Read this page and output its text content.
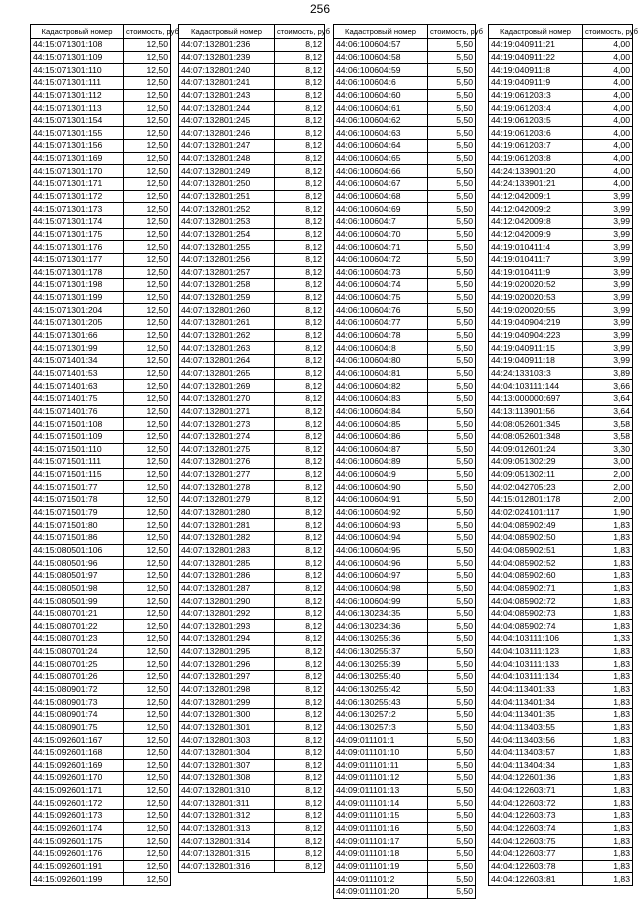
256
Кадастровый номер	стоимость, руб
44:15:071301:108	12,50
44:15:071301:109	12,50
44:15:071301:110	12,50
44:15:071301:111	12,50
44:15:071301:112	12,50
44:15:071301:113	12,50
44:15:071301:154	12,50
44:15:071301:155	12,50
44:15:071301:156	12,50
44:15:071301:169	12,50
44:15:071301:170	12,50
44:15:071301:171	12,50
44:15:071301:172	12,50
44:15:071301:173	12,50
44:15:071301:174	12,50
44:15:071301:175	12,50
44:15:071301:176	12,50
44:15:071301:177	12,50
44:15:071301:178	12,50
44:15:071301:198	12,50
44:15:071301:199	12,50
44:15:071301:204	12,50
44:15:071301:205	12,50
44:15:071301:66	12,50
44:15:071301:99	12,50
44:15:071401:34	12,50
44:15:071401:53	12,50
44:15:071401:63	12,50
44:15:071401:75	12,50
44:15:071401:76	12,50
44:15:071501:108	12,50
44:15:071501:109	12,50
44:15:071501:110	12,50
44:15:071501:111	12,50
44:15:071501:115	12,50
44:15:071501:77	12,50
44:15:071501:78	12,50
44:15:071501:79	12,50
44:15:071501:80	12,50
44:15:071501:86	12,50
44:15:080501:106	12,50
44:15:080501:96	12,50
44:15:080501:97	12,50
44:15:080501:98	12,50
44:15:080501:99	12,50
44:15:080701:21	12,50
44:15:080701:22	12,50
44:15:080701:23	12,50
44:15:080701:24	12,50
44:15:080701:25	12,50
44:15:080701:26	12,50
44:15:080901:72	12,50
44:15:080901:73	12,50
44:15:080901:74	12,50
44:15:080901:75	12,50
44:15:092601:167	12,50
44:15:092601:168	12,50
44:15:092601:169	12,50
44:15:092601:170	12,50
44:15:092601:171	12,50
44:15:092601:172	12,50
44:15:092601:173	12,50
44:15:092601:174	12,50
44:15:092601:175	12,50
44:15:092601:176	12,50
44:15:092601:191	12,50
44:15:092601:199	12,50
Кадастровый номер	стоимость, руб
44:07:132801:236	8,12
44:07:132801:239	8,12
44:07:132801:240	8,12
44:07:132801:241	8,12
44:07:132801:243	8,12
44:07:132801:244	8,12
44:07:132801:245	8,12
44:07:132801:246	8,12
44:07:132801:247	8,12
44:07:132801:248	8,12
44:07:132801:249	8,12
44:07:132801:250	8,12
44:07:132801:251	8,12
44:07:132801:252	8,12
44:07:132801:253	8,12
44:07:132801:254	8,12
44:07:132801:255	8,12
44:07:132801:256	8,12
44:07:132801:257	8,12
44:07:132801:258	8,12
44:07:132801:259	8,12
44:07:132801:260	8,12
44:07:132801:261	8,12
44:07:132801:262	8,12
44:07:132801:263	8,12
44:07:132801:264	8,12
44:07:132801:265	8,12
44:07:132801:269	8,12
44:07:132801:270	8,12
44:07:132801:271	8,12
44:07:132801:273	8,12
44:07:132801:274	8,12
44:07:132801:275	8,12
44:07:132801:276	8,12
44:07:132801:277	8,12
44:07:132801:278	8,12
44:07:132801:279	8,12
44:07:132801:280	8,12
44:07:132801:281	8,12
44:07:132801:282	8,12
44:07:132801:283	8,12
44:07:132801:285	8,12
44:07:132801:286	8,12
44:07:132801:287	8,12
44:07:132801:290	8,12
44:07:132801:292	8,12
44:07:132801:293	8,12
44:07:132801:294	8,12
44:07:132801:295	8,12
44:07:132801:296	8,12
44:07:132801:297	8,12
44:07:132801:298	8,12
44:07:132801:299	8,12
44:07:132801:300	8,12
44:07:132801:301	8,12
44:07:132801:303	8,12
44:07:132801:304	8,12
44:07:132801:307	8,12
44:07:132801:308	8,12
44:07:132801:310	8,12
44:07:132801:311	8,12
44:07:132801:312	8,12
44:07:132801:313	8,12
44:07:132801:314	8,12
44:07:132801:315	8,12
44:07:132801:316	8,12
Кадастровый номер	стоимость, руб
44:06:100604:57	5,50
44:06:100604:58	5,50
44:06:100604:59	5,50
44:06:100604:6	5,50
44:06:100604:60	5,50
44:06:100604:61	5,50
44:06:100604:62	5,50
44:06:100604:63	5,50
44:06:100604:64	5,50
44:06:100604:65	5,50
44:06:100604:66	5,50
44:06:100604:67	5,50
44:06:100604:68	5,50
44:06:100604:69	5,50
44:06:100604:7	5,50
44:06:100604:70	5,50
44:06:100604:71	5,50
44:06:100604:72	5,50
44:06:100604:73	5,50
44:06:100604:74	5,50
44:06:100604:75	5,50
44:06:100604:76	5,50
44:06:100604:77	5,50
44:06:100604:78	5,50
44:06:100604:8	5,50
44:06:100604:80	5,50
44:06:100604:81	5,50
44:06:100604:82	5,50
44:06:100604:83	5,50
44:06:100604:84	5,50
44:06:100604:85	5,50
44:06:100604:86	5,50
44:06:100604:87	5,50
44:06:100604:89	5,50
44:06:100604:9	5,50
44:06:100604:90	5,50
44:06:100604:91	5,50
44:06:100604:92	5,50
44:06:100604:93	5,50
44:06:100604:94	5,50
44:06:100604:95	5,50
44:06:100604:96	5,50
44:06:100604:97	5,50
44:06:100604:98	5,50
44:06:100604:99	5,50
44:06:130234:35	5,50
44:06:130234:36	5,50
44:06:130255:36	5,50
44:06:130255:37	5,50
44:06:130255:39	5,50
44:06:130255:40	5,50
44:06:130255:42	5,50
44:06:130255:43	5,50
44:06:130257:2	5,50
44:06:130257:3	5,50
44:09:011101:1	5,50
44:09:011101:10	5,50
44:09:011101:11	5,50
44:09:011101:12	5,50
44:09:011101:13	5,50
44:09:011101:14	5,50
44:09:011101:15	5,50
44:09:011101:16	5,50
44:09:011101:17	5,50
44:09:011101:18	5,50
44:09:011101:19	5,50
44:09:011101:2	5,50
44:09:011101:20	5,50
Кадастровый номер	стоимость, руб
44:19:040911:21	4,00
44:19:040911:22	4,00
44:19:040911:8	4,00
44:19:040911:9	4,00
44:19:061203:3	4,00
44:19:061203:4	4,00
44:19:061203:5	4,00
44:19:061203:6	4,00
44:19:061203:7	4,00
44:19:061203:8	4,00
44:24:133901:20	4,00
44:24:133901:21	4,00
44:12:042009:1	3,99
44:12:042009:2	3,99
44:12:042009:8	3,99
44:12:042009:9	3,99
44:19:010411:4	3,99
44:19:010411:7	3,99
44:19:010411:9	3,99
44:19:020020:52	3,99
44:19:020020:53	3,99
44:19:020020:55	3,99
44:19:040904:219	3,99
44:19:040904:223	3,99
44:19:040911:15	3,99
44:19:040911:18	3,99
44:24:133103:3	3,89
44:04:103111:144	3,66
44:13:000000:697	3,64
44:13:113901:56	3,64
44:08:052601:345	3,58
44:08:052601:348	3,58
44:09:012601:24	3,30
44:09:051302:29	3,00
44:09:051302:11	2,00
44:02:042705:23	2,00
44:15:012801:178	2,00
44:02:024101:117	1,90
44:04:085902:49	1,83
44:04:085902:50	1,83
44:04:085902:51	1,83
44:04:085902:52	1,83
44:04:085902:60	1,83
44:04:085902:71	1,83
44:04:085902:72	1,83
44:04:085902:73	1,83
44:04:085902:74	1,83
44:04:103111:106	1,33
44:04:103111:123	1,83
44:04:103111:133	1,83
44:04:103111:134	1,83
44:04:113401:33	1,83
44:04:113401:34	1,83
44:04:113401:35	1,83
44:04:113403:55	1,83
44:04:113403:56	1,83
44:04:113403:57	1,83
44:04:113404:34	1,83
44:04:122601:36	1,83
44:04:122603:71	1,83
44:04:122603:72	1,83
44:04:122603:73	1,83
44:04:122603:74	1,83
44:04:122603:75	1,83
44:04:122603:77	1,83
44:04:122603:78	1,83
44:04:122603:81	1,83
